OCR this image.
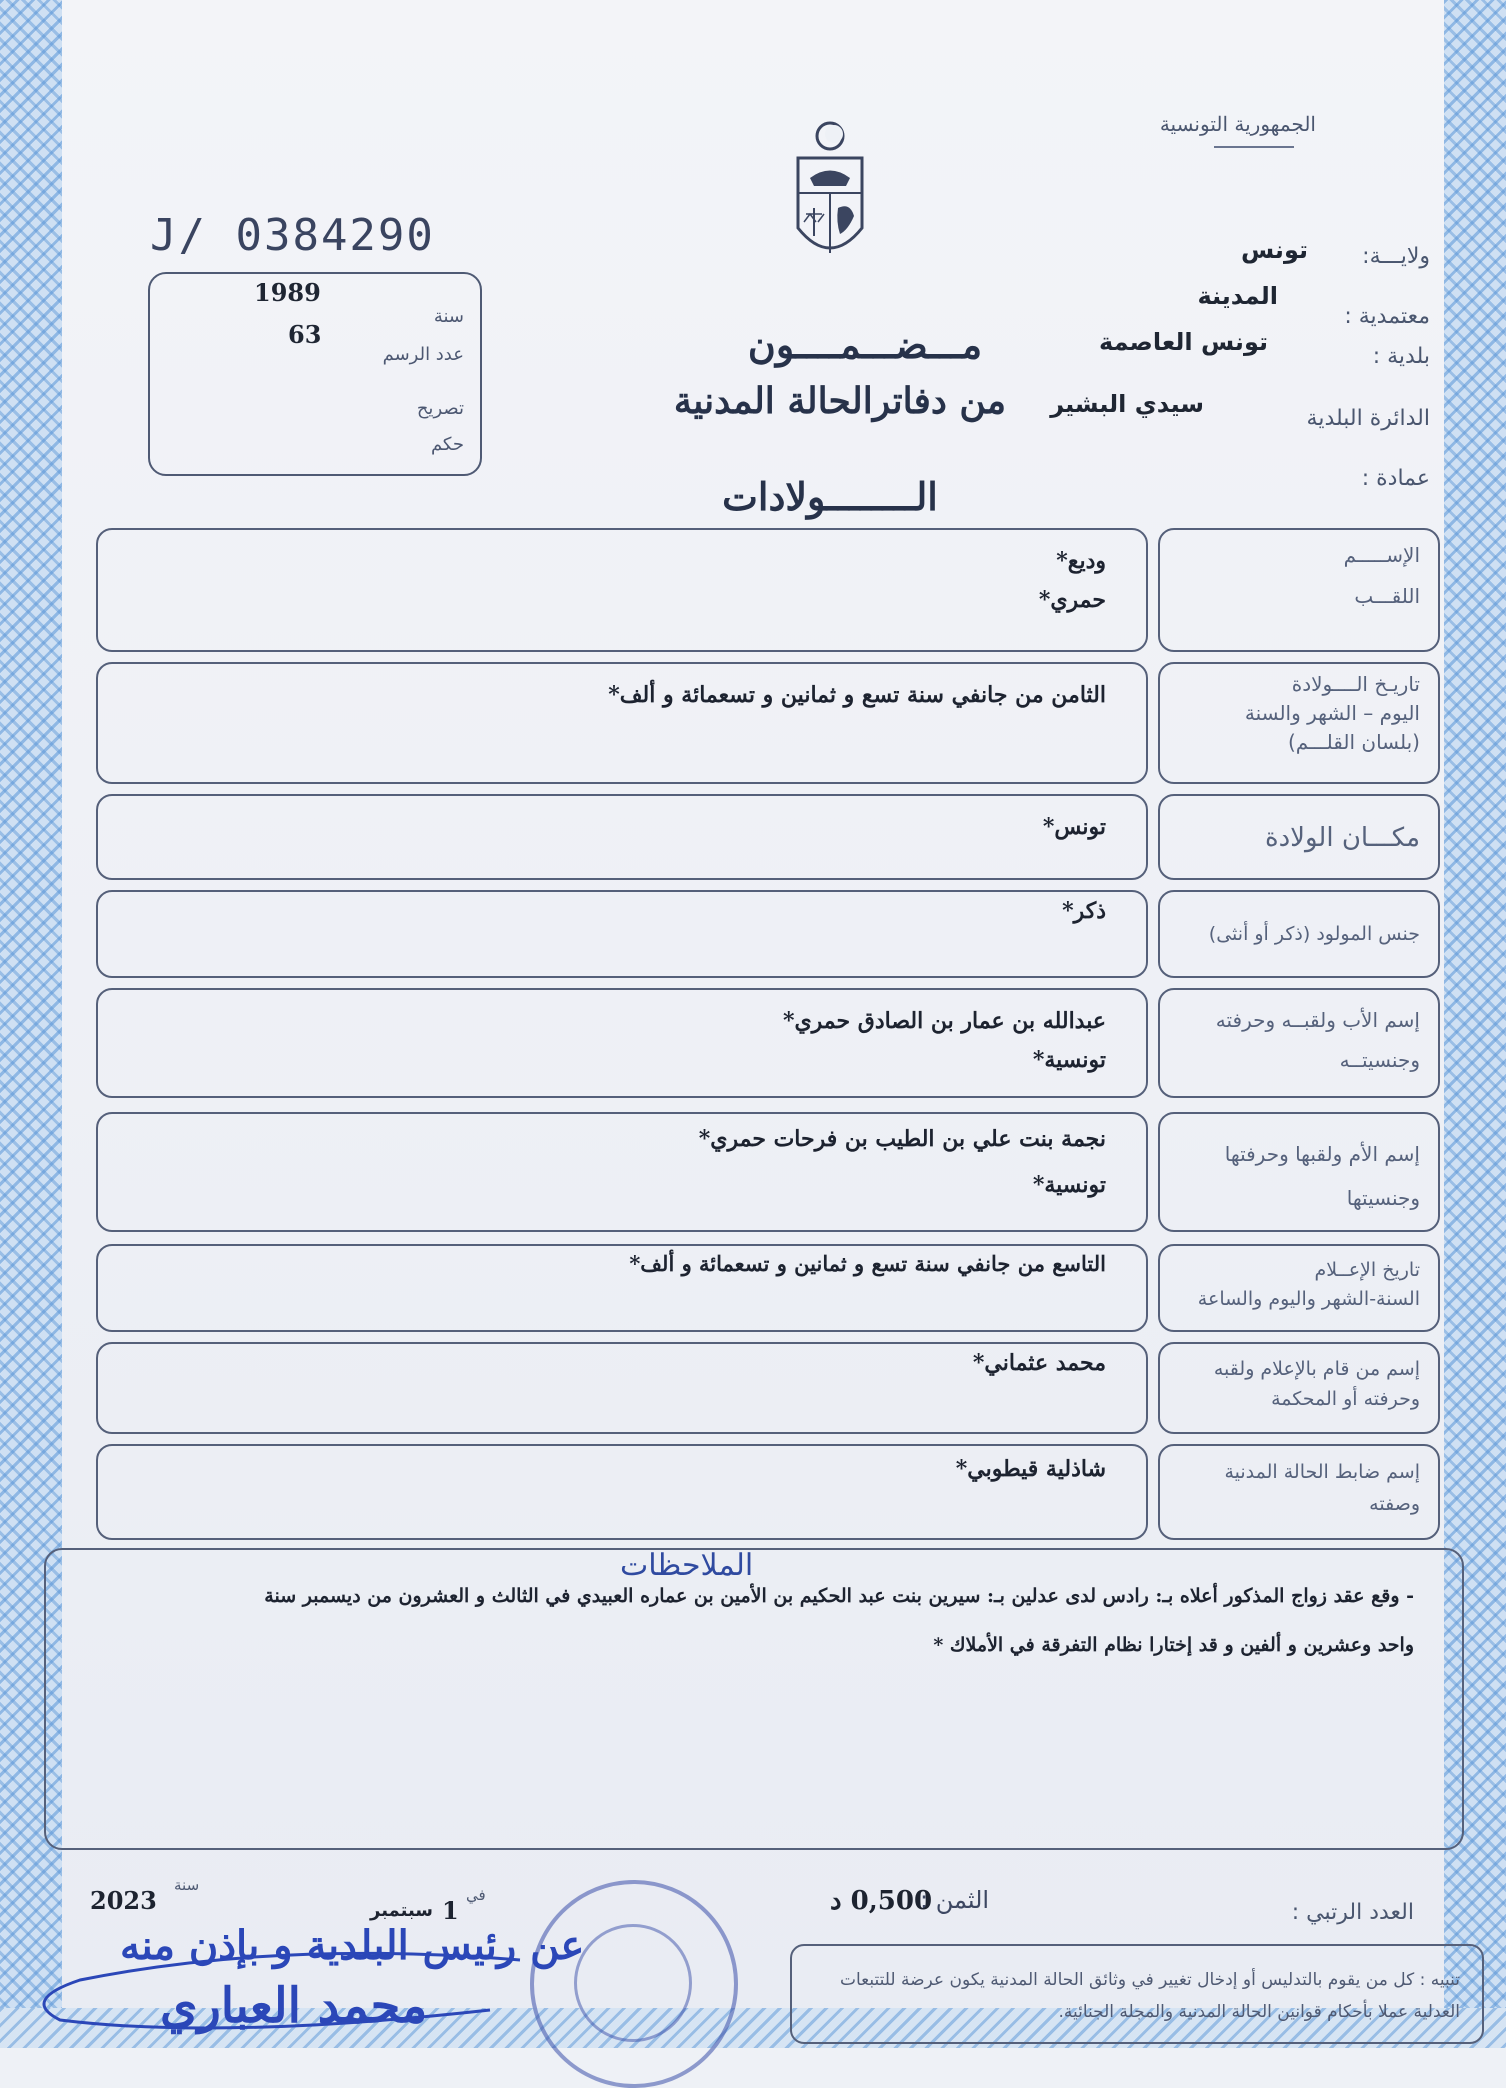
الجمهورية التونسية
J/ 0384290	ولايـــة:
تونس
معتمدية :
المدينة
بلدية :
تونس العاصمة
الدائرة البلدية
سيدي البشير
عمادة :
مـــضـــمــــون
من دفاترالحالة المدنية
الــــــــولادات
1989
سنة
63
عدد الرسم
تصريح
حكم
الإســـــم
اللقـــب
وديع*
حمري*
تاريـخ الــــولادة
اليوم – الشهر والسنة
(بلسان القلـــم)
الثامن من جانفي سنة تسع و ثمانين و تسعمائة و ألف*
مكـــان الولادة
تونس*
جنس المولود (ذكر أو أنثى)
ذكر*
إسم الأب ولقبــه وحرفته
وجنسيتــه
عبدالله بن عمار بن الصادق حمري*
تونسية*
إسم الأم ولقبها وحرفتها
وجنسيتها
نجمة بنت علي بن الطيب بن فرحات حمري*
تونسية*
تاريخ الإعــلام
السنة-الشهر واليوم والساعة
التاسع من جانفي سنة تسع و ثمانين و تسعمائة و ألف*
إسم من قام بالإعلام ولقبه
وحرفته أو المحكمة
محمد عثماني*
إسم ضابط الحالة المدنية
وصفته
شاذلية قيطوبي*
الملاحظات
- وقع عقد زواج المذكور أعلاه بـ: رادس لدى عدلين بـ: سيرين بنت عبد الحكيم بن الأمين بن عماره العبيدي في الثالث و العشرون من ديسمبر سنة
واحد وعشرين و ألفين و قد إختارا نظام التفرقة في الأملاك *
العدد الرتبي :
الثمن :
0,500 د
2023
سنة
سبتمبر 1
في
عن رئيس البلدية و بإذن منه
محمد العباري	تنبيه : كل من يقوم بالتدليس أو إدخال تغيير في وثائق الحالة المدنية يكون عرضة للتتبعات العدلية عملا بأحكام قوانين الحالة المدنية والمجلة الجنائية.
